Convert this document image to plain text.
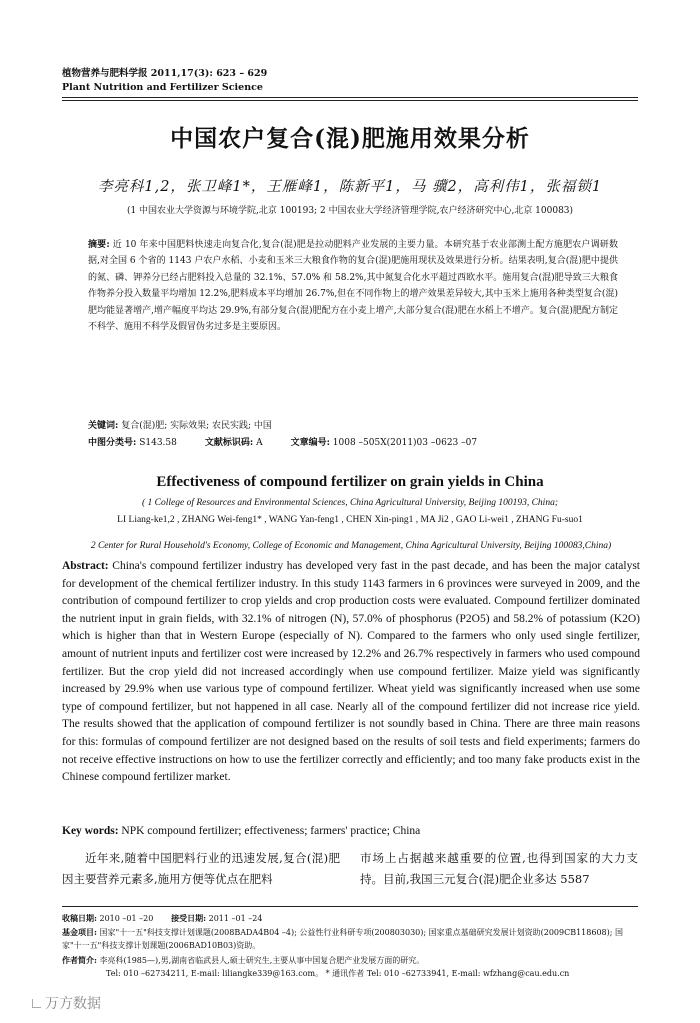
植物营养与肥料学报 2011,17(3): 623 – 629
Plant Nutrition and Fertilizer Science
中国农户复合(混)肥施用效果分析
李亮科1,2，张卫峰1*，王雁峰1，陈新平1，马 骥2，高利伟1，张福锁1
(1 中国农业大学资源与环境学院,北京 100193; 2 中国农业大学经济管理学院,农户经济研究中心,北京 100083)
摘要: 近 10 年来中国肥料快速走向复合化,复合(混)肥是拉动肥料产业发展的主要力量。本研究基于农业部测土配方施肥农户调研数据,对全国 6 个省的 1143 户农户水稻、小麦和玉米三大粮食作物的复合(混)肥施用现状及效果进行分析。结果表明,复合(混)肥中提供的氮、磷、钾养分已经占肥料投入总量的 32.1%、57.0% 和 58.2%,其中氮复合化水平超过西欧水平。施用复合(混)肥导致三大粮食作物养分投入数量平均增加 12.2%,肥料成本平均增加 26.7%,但在不同作物上的增产效果差异较大,其中玉米上施用各种类型复合(混)肥均能显著增产,增产幅度平均达 29.9%,有部分复合(混)肥配方在小麦上增产,大部分复合(混)肥在水稻上不增产。复合(混)肥配方制定不科学、施用不科学及假冒伪劣过多是主要原因。
关键词: 复合(混)肥; 实际效果; 农民实践; 中国
中图分类号: S143.58	文献标识码: A	文章编号: 1008 –505X(2011)03 –0623 –07
Effectiveness of compound fertilizer on grain yields in China
LI Liang-ke1,2 , ZHANG Wei-feng1* , WANG Yan-feng1 , CHEN Xin-ping1 , MA Ji2 , GAO Li-wei1 , ZHANG Fu-suo1
( 1 College of Resources and Environmental Sciences, China Agricultural University, Beijing 100193, China;
2 Center for Rural Household's Economy, College of Economic and Management, China Agricultural University, Beijing 100083,China)
Abstract: China's compound fertilizer industry has developed very fast in the past decade, and has been the major catalyst for development of the chemical fertilizer industry. In this study 1143 farmers in 6 provinces were surveyed in 2009, and the contribution of compound fertilizer to crop yields and crop production costs were evaluated. Compound fertilizer dominated the nutrient input in grain fields, with 32.1% of nitrogen (N), 57.0% of phosphorus (P2O5) and 58.2% of potassium (K2O) which is higher than that in Western Europe (especially of N). Compared to the farmers who only used single fertilizer, amount of nutrient inputs and fertilizer cost were increased by 12.2% and 26.7% respectively in farmers who used compound fertilizer. But the crop yield did not increased accordingly when use compound fertilizer. Maize yield was significantly increased by 29.9% when use various type of compound fertilizer. Wheat yield was significantly increased when use some type of compound fertilizer, but not happened in all case. Nearly all of the compound fertilizer did not increase rice yield. The results showed that the application of compound fertilizer is not soundly based in China. There are three main reasons for this: formulas of compound fertilizer are not designed based on the results of soil tests and field experiments; farmers do not receive effective instructions on how to use the fertilizer correctly and efficiently; and too many fake products exist in the Chinese compound fertilizer market.
Key words: NPK compound fertilizer; effectiveness; farmers' practice; China
近年来,随着中国肥料行业的迅速发展,复合(混)肥因主要营养元素多,施用方便等优点在肥料
市场上占据越来越重要的位置,也得到国家的大力支持。目前,我国三元复合(混)肥企业多达 5587
收稿日期: 2010 –01 –20 接受日期: 2011 –01 –24
基金项目: 国家"十一五"科技支撑计划课题(2008BADA4B04 –4); 公益性行业科研专项(200803030); 国家重点基础研究发展计划资助(2009CB118608); 国家"十一五"科技支撑计划课题(2006BAD10B03)资助。
作者简介: 李亮科(1985—),男,湖南省临武县人,硕士研究生,主要从事中国复合肥产业发展方面的研究。
Tel: 010 –62734211, E-mail: liliangke339@163.com。 * 通讯作者 Tel: 010 –62733941, E-mail: wfzhang@cau.edu.cn
万方数据
